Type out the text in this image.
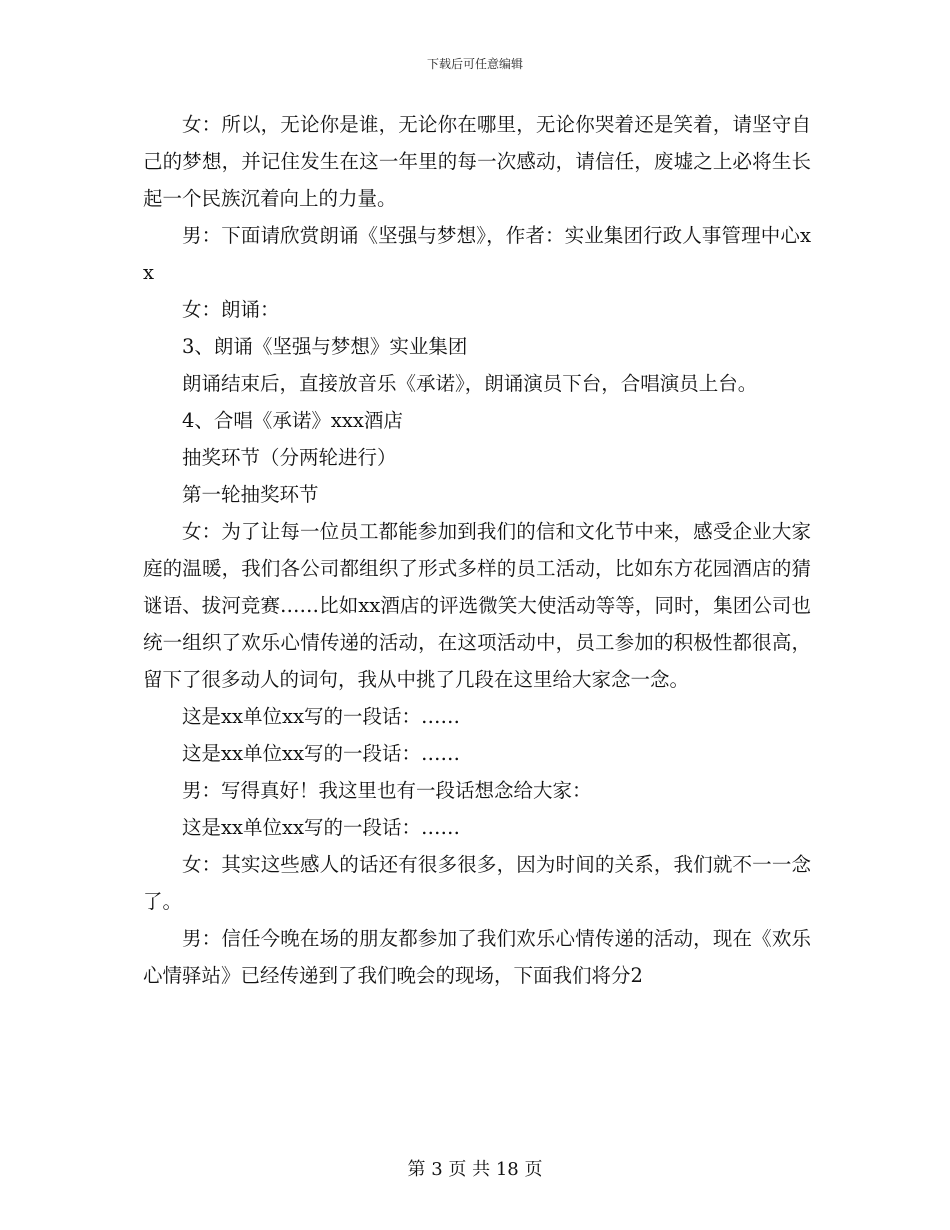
下载后可任意编辑

女：所以，无论你是谁，无论你在哪里，无论你哭着还是笑着，请坚守自己的梦想，并记住发生在这一年里的每一次感动，请信任，废墟之上必将生长起一个民族沉着向上的力量。

男：下面请欣赏朗诵《坚强与梦想》，作者：实业集团行政人事管理中心xx

女：朗诵：

3、朗诵《坚强与梦想》实业集团

朗诵结束后，直接放音乐《承诺》，朗诵演员下台，合唱演员上台。

4、合唱《承诺》xxx酒店

抽奖环节（分两轮进行）

第一轮抽奖环节

女：为了让每一位员工都能参加到我们的信和文化节中来，感受企业大家庭的温暖，我们各公司都组织了形式多样的员工活动，比如东方花园酒店的猜谜语、拔河竞赛……比如xx酒店的评选微笑大使活动等等，同时，集团公司也统一组织了欢乐心情传递的活动，在这项活动中，员工参加的积极性都很高，留下了很多动人的词句，我从中挑了几段在这里给大家念一念。

这是xx单位xx写的一段话：……

这是xx单位xx写的一段话：……

男：写得真好！我这里也有一段话想念给大家：

这是xx单位xx写的一段话：……

女：其实这些感人的话还有很多很多，因为时间的关系，我们就不一一念了。

男：信任今晚在场的朋友都参加了我们欢乐心情传递的活动，现在《欢乐心情驿站》已经传递到了我们晚会的现场，下面我们将分2

第 3 页 共 18 页
